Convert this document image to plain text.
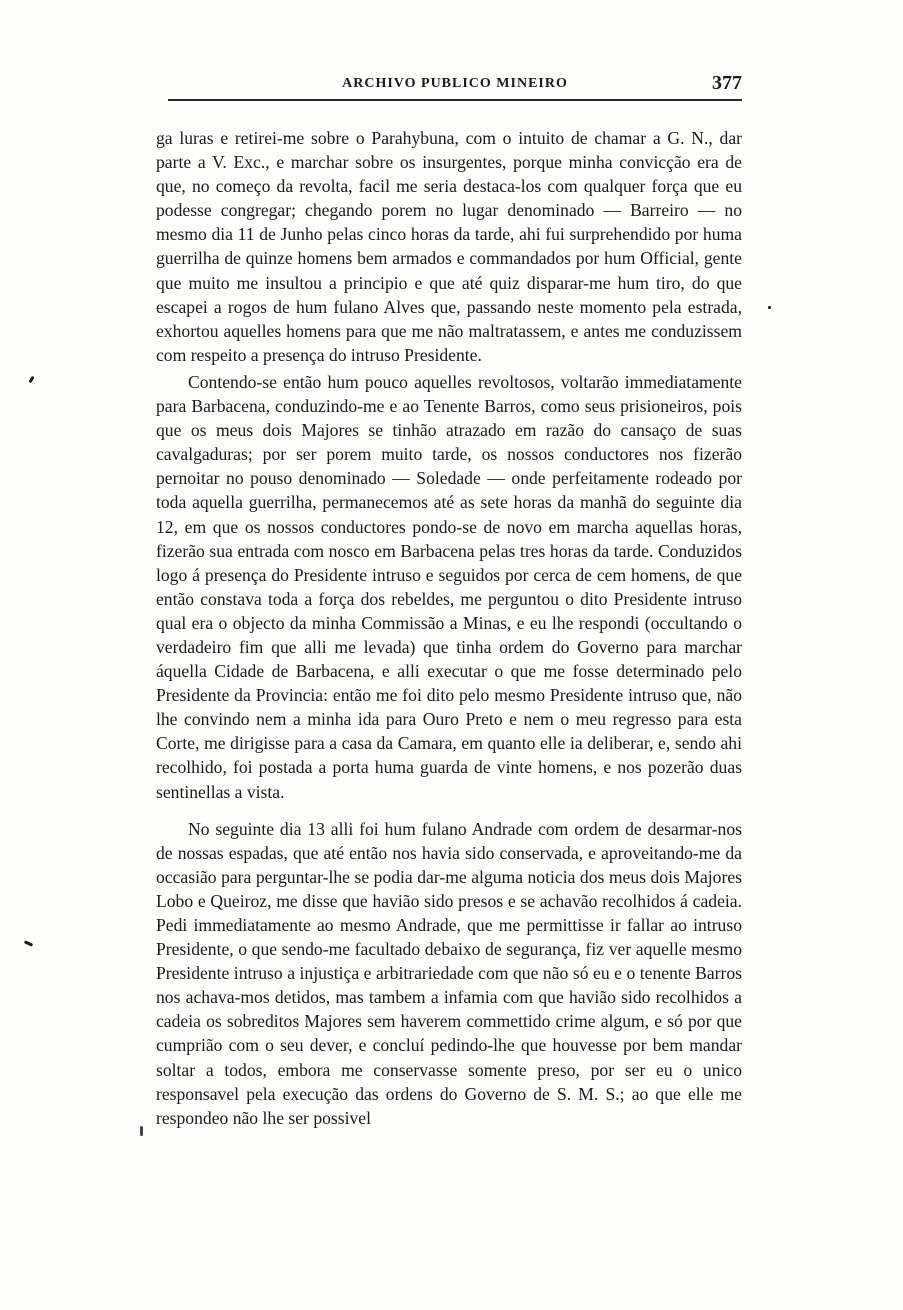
ARCHIVO PUBLICO MINEIRO	377

ga luras e retirei-me sobre o Parahybuna, com o intuito de chamar a G. N., dar parte a V. Exc., e marchar sobre os insurgentes, porque minha convicção era de que, no começo da revolta, facil me seria destaca-los com qualquer força que eu podesse congregar; chegando porem no lugar denominado — Barreiro — no mesmo dia 11 de Junho pelas cinco horas da tarde, ahi fui surprehendido por huma guerrilha de quinze homens bem armados e commandados por hum Official, gente que muito me insultou a principio e que até quiz disparar-me hum tiro, do que escapei a rogos de hum fulano Alves que, passando neste momento pela estrada, exhortou aquelles homens para que me não maltratassem, e antes me conduzissem com respeito a presença do intruso Presidente.

Contendo-se então hum pouco aquelles revoltosos, voltarão immediatamente para Barbacena, conduzindo-me e ao Tenente Barros, como seus prisioneiros, pois que os meus dois Majores se tinhão atrazado em razão do cansaço de suas cavalgaduras; por ser porem muito tarde, os nossos conductores nos fizerão pernoitar no pouso denominado — Soledade — onde perfeitamente rodeado por toda aquella guerrilha, permanecemos até as sete horas da manhã do seguinte dia 12, em que os nossos conductores pondo-se de novo em marcha aquellas horas, fizerão sua entrada com nosco em Barbacena pelas tres horas da tarde. Conduzidos logo á presença do Presidente intruso e seguidos por cerca de cem homens, de que então constava toda a força dos rebeldes, me perguntou o dito Presidente intruso qual era o objecto da minha Commissão a Minas, e eu lhe respondi (occultando o verdadeiro fim que alli me levada) que tinha ordem do Governo para marchar áquella Cidade de Barbacena, e alli executar o que me fosse determinado pelo Presidente da Provincia: então me foi dito pelo mesmo Presidente intruso que, não lhe convindo nem a minha ida para Ouro Preto e nem o meu regresso para esta Corte, me dirigisse para a casa da Camara, em quanto elle ia deliberar, e, sendo ahi recolhido, foi postada a porta huma guarda de vinte homens, e nos pozerão duas sentinellas a vista.

No seguinte dia 13 alli foi hum fulano Andrade com ordem de desarmar-nos de nossas espadas, que até então nos havia sido conservada, e aproveitando-me da occasião para perguntar-lhe se podia dar-me alguma noticia dos meus dois Majores Lobo e Queiroz, me disse que havião sido presos e se achavão recolhidos á cadeia. Pedi immediatamente ao mesmo Andrade, que me permittisse ir fallar ao intruso Presidente, o que sendo-me facultado debaixo de segurança, fiz ver aquelle mesmo Presidente intruso a injustiça e arbitrariedade com que não só eu e o tenente Barros nos achava-mos detidos, mas tambem a infamia com que havião sido recolhidos a cadeia os sobreditos Majores sem haverem commettido crime algum, e só por que cumprião com o seu dever, e concluí pedindo-lhe que houvesse por bem mandar soltar a todos, embora me conservasse somente preso, por ser eu o unico responsavel pela execução das ordens do Governo de S. M. S.; ao que elle me respondeo não lhe ser possivel
